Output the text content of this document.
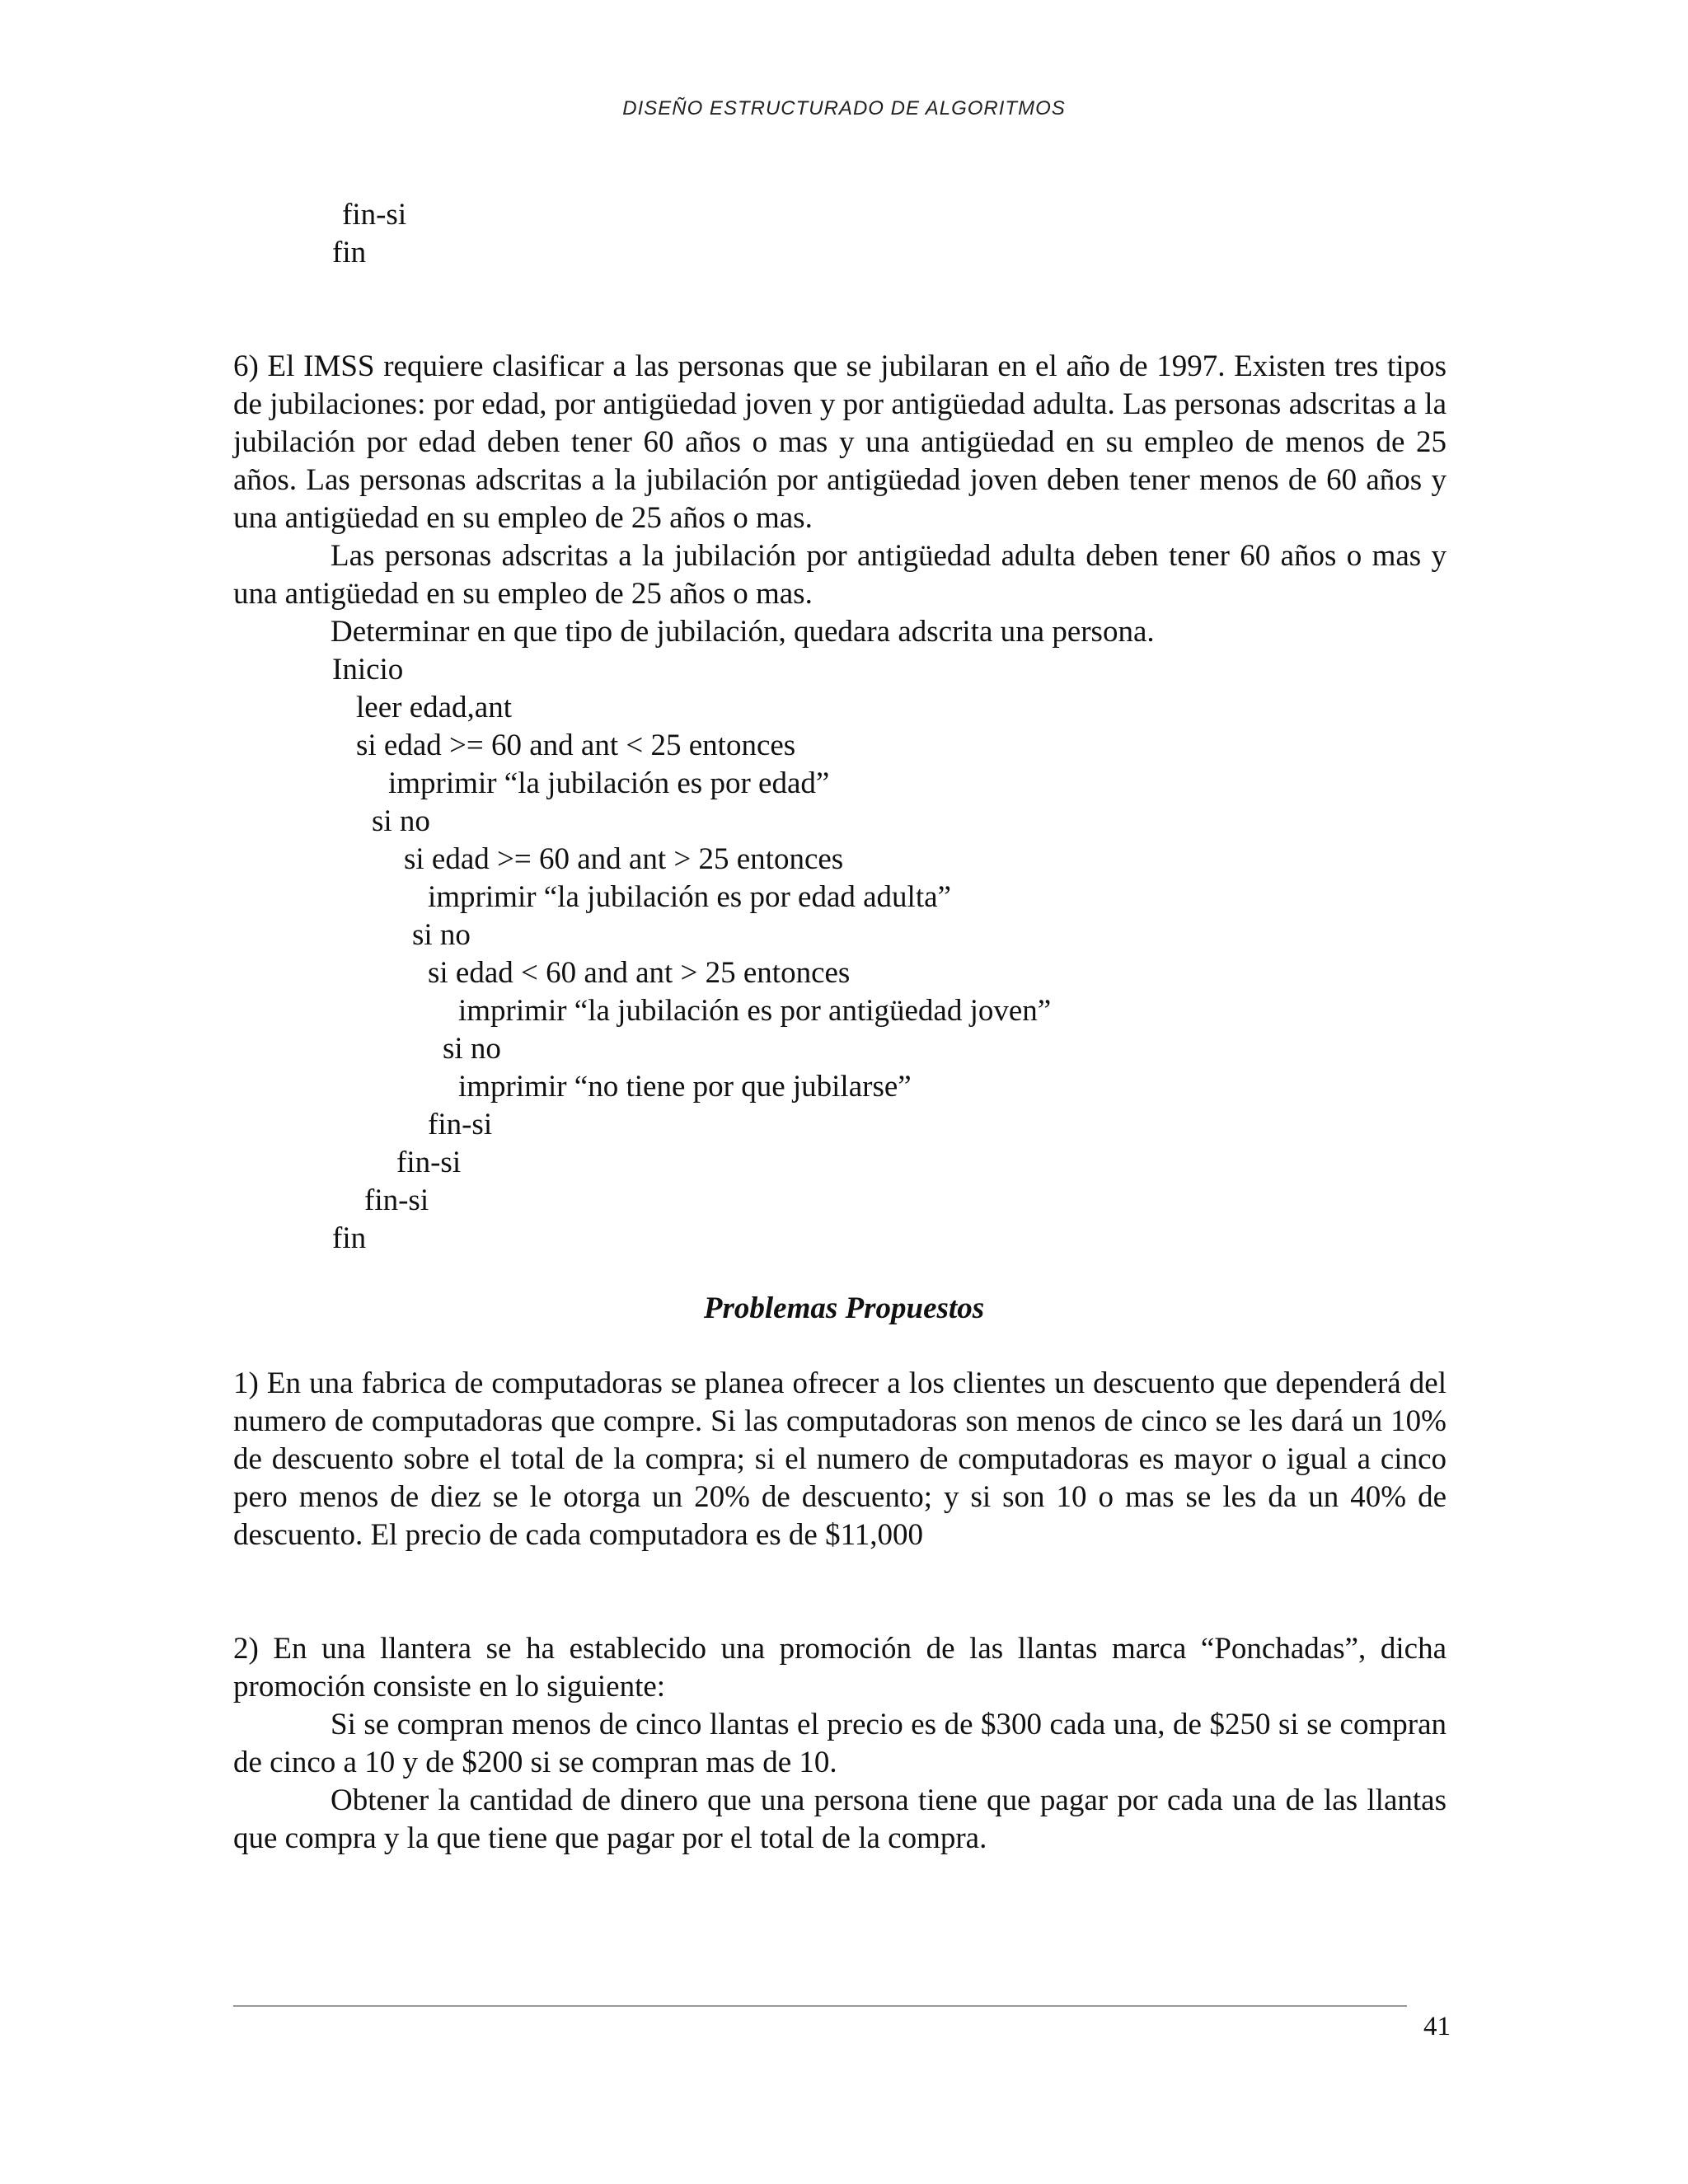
DISEÑO ESTRUCTURADO DE ALGORITMOS
fin-si
fin

6) El IMSS requiere clasificar a las personas que se jubilaran en el año de 1997. Existen tres tipos de jubilaciones: por edad, por antigüedad joven y por antigüedad adulta. Las personas adscritas a la jubilación por edad deben tener 60 años o mas y una antigüedad en su empleo de menos de 25 años. Las personas adscritas a la jubilación por antigüedad joven deben tener menos de 60 años y una antigüedad en su empleo de 25 años o mas.

Las personas adscritas a la jubilación por antigüedad adulta deben tener 60 años o mas y una antigüedad en su empleo de 25 años o mas.

Determinar en que tipo de jubilación, quedara adscrita una persona.

Inicio
leer edad,ant
si edad >= 60 and ant < 25 entonces
imprimir “la jubilación es por edad”
si no
si edad >= 60 and ant > 25 entonces
imprimir “la jubilación es por edad adulta”
si no
si edad < 60 and ant > 25 entonces
imprimir “la jubilación es por antigüedad joven”
si no
imprimir “no tiene por que jubilarse”
fin-si
fin-si
fin-si
fin
Problemas Propuestos

1) En una fabrica de computadoras se planea ofrecer a los clientes un descuento que dependerá del numero de computadoras que compre. Si las computadoras son menos de cinco se les dará un 10% de descuento sobre el total de la compra; si el numero de computadoras es mayor o igual a cinco pero menos de diez se le otorga un 20% de descuento; y si son 10 o mas se les da un 40% de descuento. El precio de cada computadora es de $11,000

2) En una llantera se ha establecido una promoción de las llantas marca “Ponchadas”, dicha promoción consiste en lo siguiente:

Si se compran menos de cinco llantas el precio es de $300 cada una, de $250 si se compran de cinco a 10 y de $200 si se compran mas de 10.

Obtener la cantidad de dinero que una persona tiene que pagar por cada una de las llantas que compra y la que tiene que pagar por el total de la compra.

41
